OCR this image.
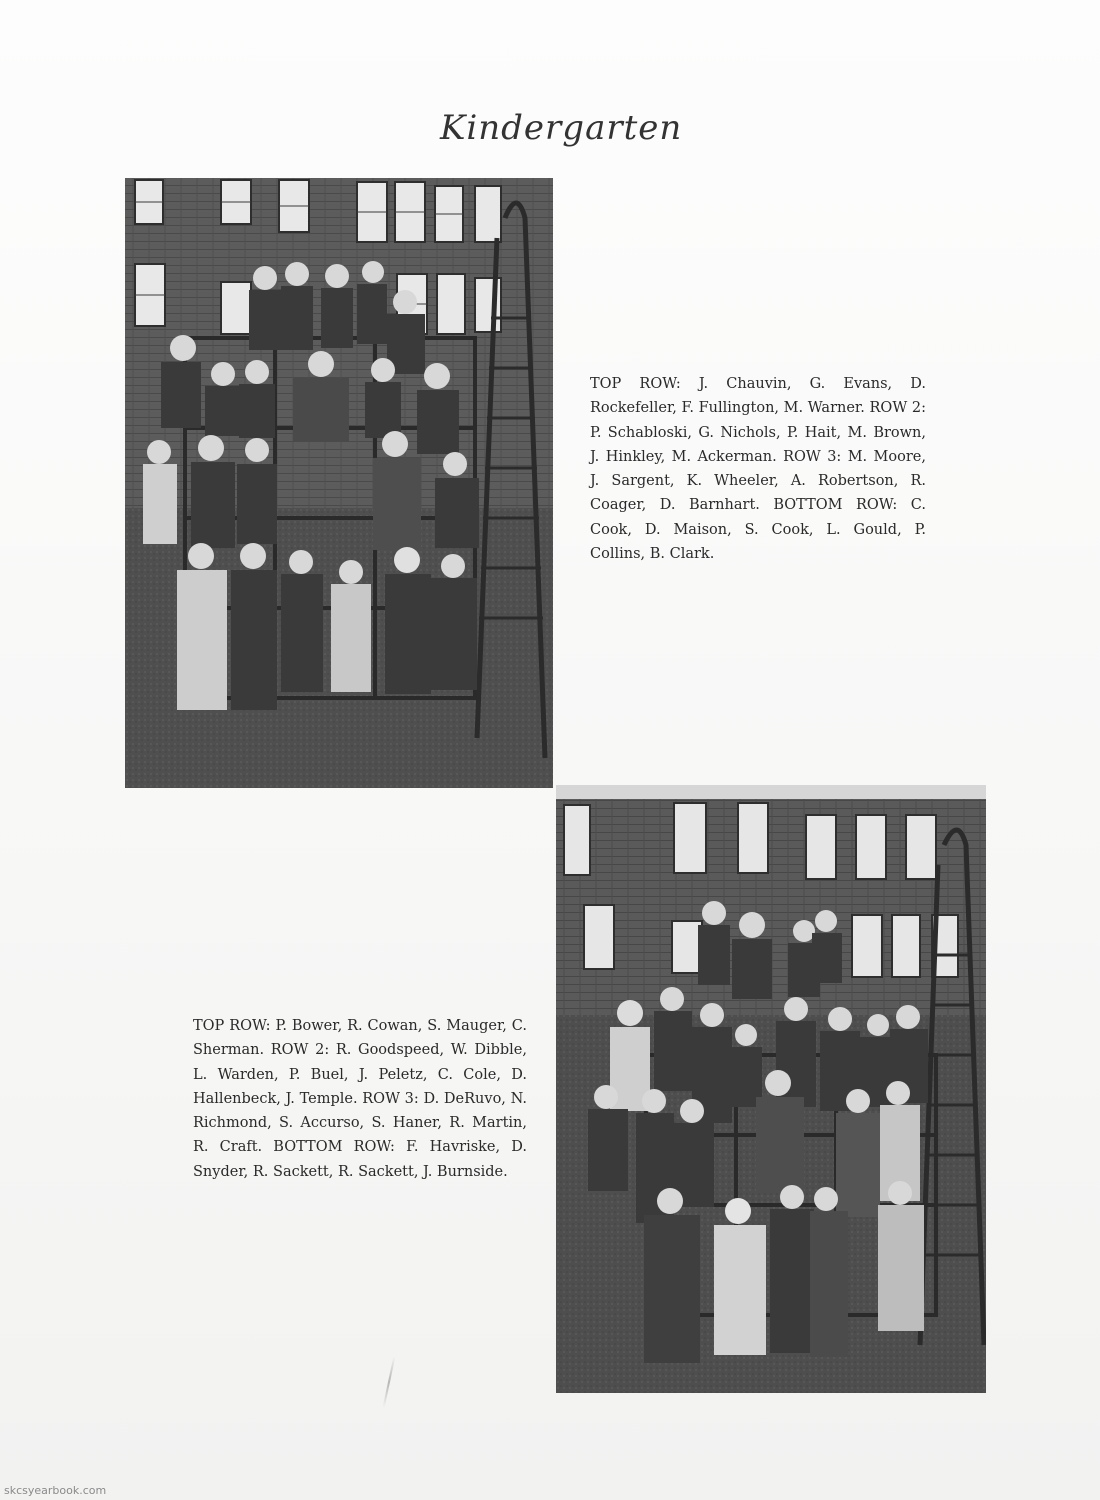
Kindergarten
TOP ROW: J. Chauvin, G. Evans, D. Rockefeller, F. Fullington, M. Warner. ROW 2: P. Schabloski, G. Nichols, P. Hait, M. Brown, J. Hinkley, M. Ackerman. ROW 3: M. Moore, J. Sargent, K. Wheeler, A. Robertson, R. Coager, D. Barnhart. BOTTOM ROW: C. Cook, D. Maison, S. Cook, L. Gould, P. Collins, B. Clark.
TOP ROW: P. Bower, R. Cowan, S. Mauger, C. Sherman. ROW 2: R. Goodspeed, W. Dibble, L. Warden, P. Buel, J. Peletz, C. Cole, D. Hallenbeck, J. Temple. ROW 3: D. DeRuvo, N. Richmond, S. Accurso, S. Haner, R. Martin, R. Craft. BOTTOM ROW: F. Havriske, D. Snyder, R. Sackett, R. Sackett, J. Burnside.
skcsyearbook.com
